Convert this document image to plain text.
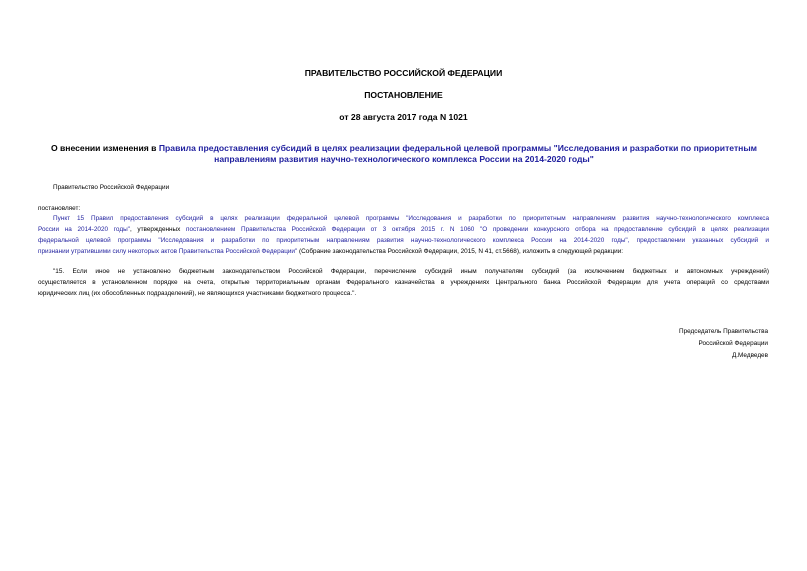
ПРАВИТЕЛЬСТВО РОССИЙСКОЙ ФЕДЕРАЦИИ
ПОСТАНОВЛЕНИЕ
от 28 августа 2017 года N 1021
О внесении изменения в Правила предоставления субсидий в целях реализации федеральной целевой программы "Исследования и разработки по приоритетным
направлениям развития научно-технологического комплекса России на 2014-2020 годы"
Правительство Российской Федерации
постановляет:
Пункт 15 Правил предоставления субсидий в целях реализации федеральной целевой программы "Исследования и разработки по приоритетным направлениям развития научно-технологического комплекса
России на 2014-2020 годы", утвержденных постановлением Правительства Российской Федерации от 3 октября 2015 г. N 1060 "О проведении конкурсного отбора на предоставление субсидий в целях реализации
федеральной целевой программы "Исследования и разработки по приоритетным направлениям развития научно-технологического комплекса России на 2014-2020 годы", предоставлении указанных субсидий и
признании утратившими силу некоторых актов Правительства Российской Федерации" (Собрание законодательства Российской Федерации, 2015, N 41, ст.5668), изложить в следующей редакции:
"15. Если иное не установлено бюджетным законодательством Российской Федерации, перечисление субсидий иным получателям субсидий (за исключением бюджетных и автономных учреждений)
осуществляется в установленном порядке на счета, открытые территориальным органам Федерального казначейства в учреждениях Центрального банка Российской Федерации для учета операций со средствами
юридических лиц (их обособленных подразделений), не являющихся участниками бюджетного процесса.".
Председатель Правительства
Российской Федерации
Д.Медведев
